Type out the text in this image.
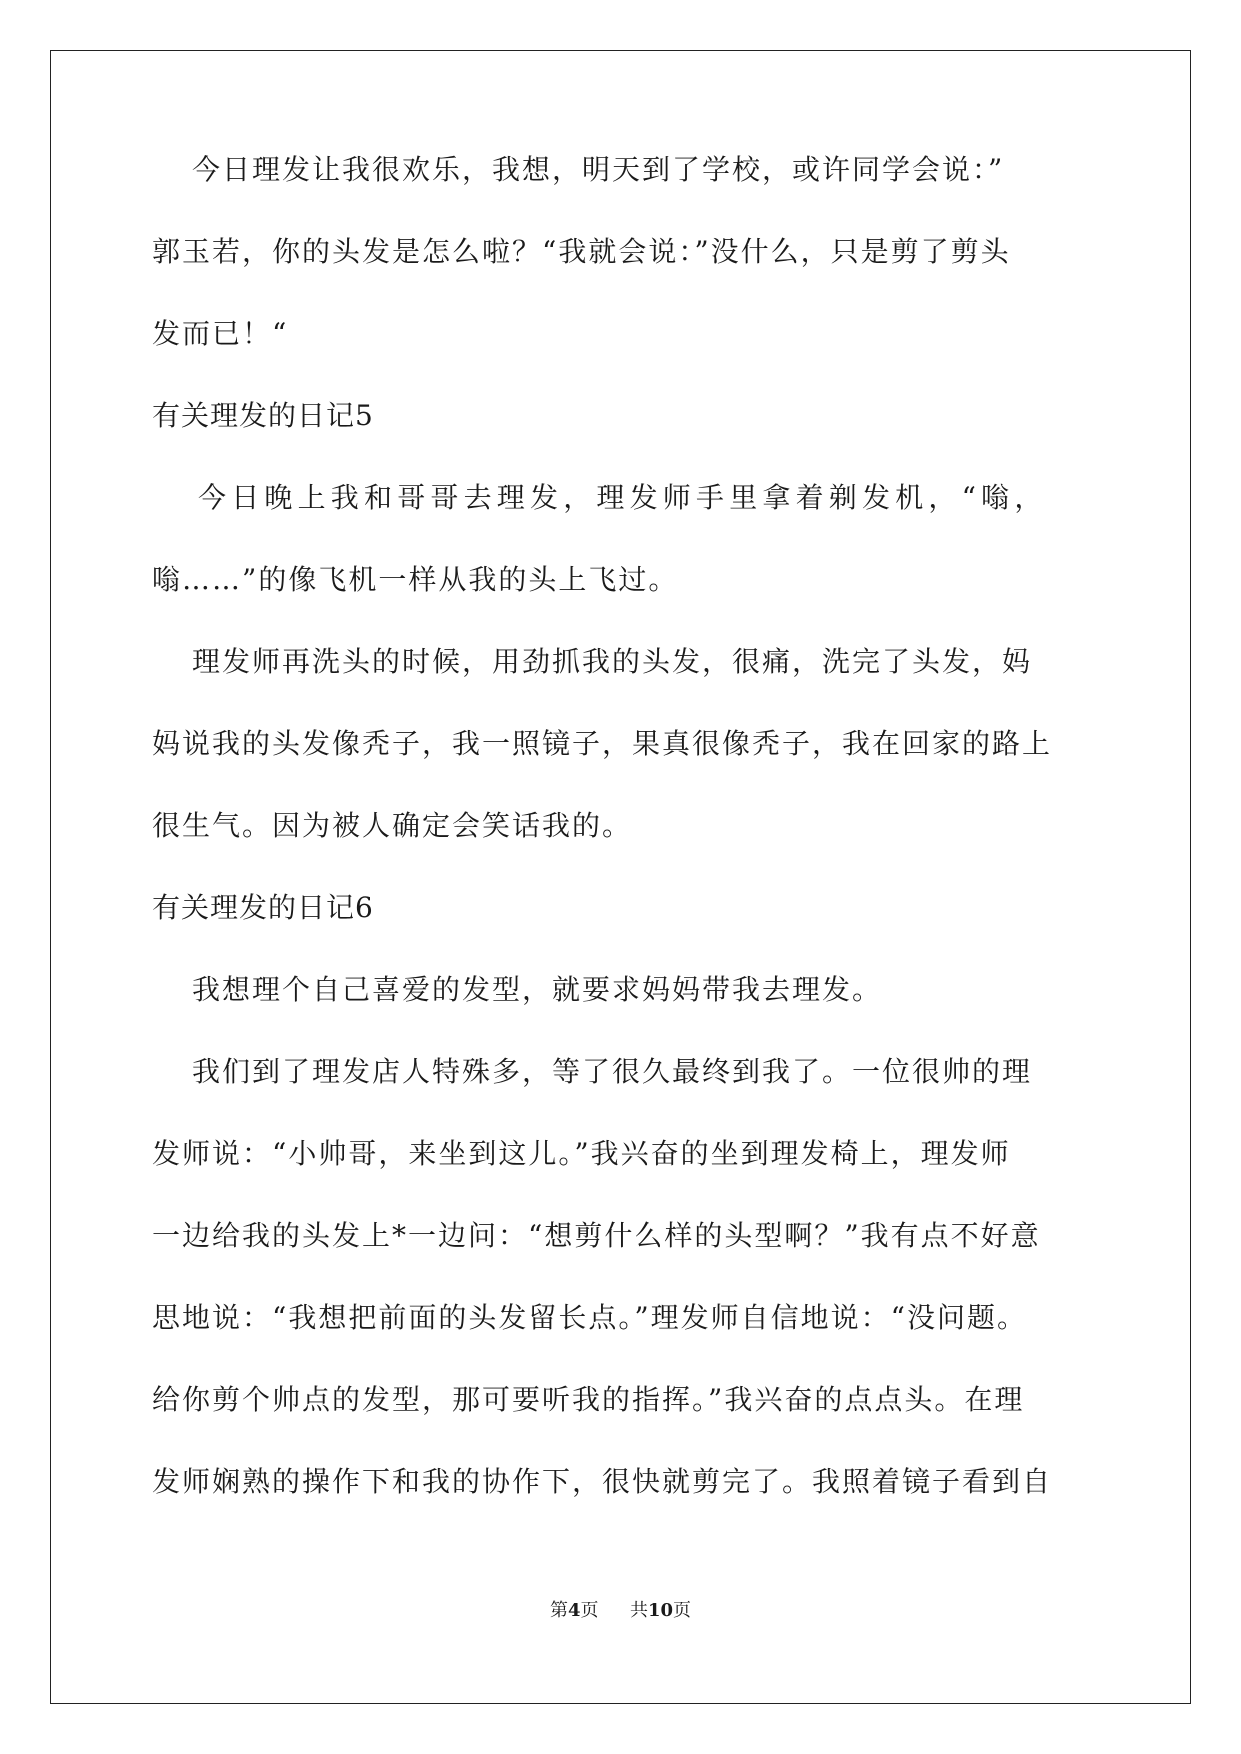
今日理发让我很欢乐，我想，明天到了学校，或许同学会说：”
郭玉若，你的头发是怎么啦？“我就会说：”没什么，只是剪了剪头
发而已！“
有关理发的日记5
今日晚上我和哥哥去理发，理发师手里拿着剃发机，“嗡，
嗡……”的像飞机一样从我的头上飞过。
理发师再洗头的时候，用劲抓我的头发，很痛，洗完了头发，妈
妈说我的头发像秃子，我一照镜子，果真很像秃子，我在回家的路上
很生气。因为被人确定会笑话我的。
有关理发的日记6
我想理个自己喜爱的发型，就要求妈妈带我去理发。
我们到了理发店人特殊多，等了很久最终到我了。一位很帅的理
发师说：“小帅哥，来坐到这儿。”我兴奋的坐到理发椅上，理发师
一边给我的头发上*一边问：“想剪什么样的头型啊？”我有点不好意
思地说：“我想把前面的头发留长点。”理发师自信地说：“没问题。
给你剪个帅点的发型，那可要听我的指挥。”我兴奋的点点头。在理
发师娴熟的操作下和我的协作下，很快就剪完了。我照着镜子看到自
第4页 共10页
